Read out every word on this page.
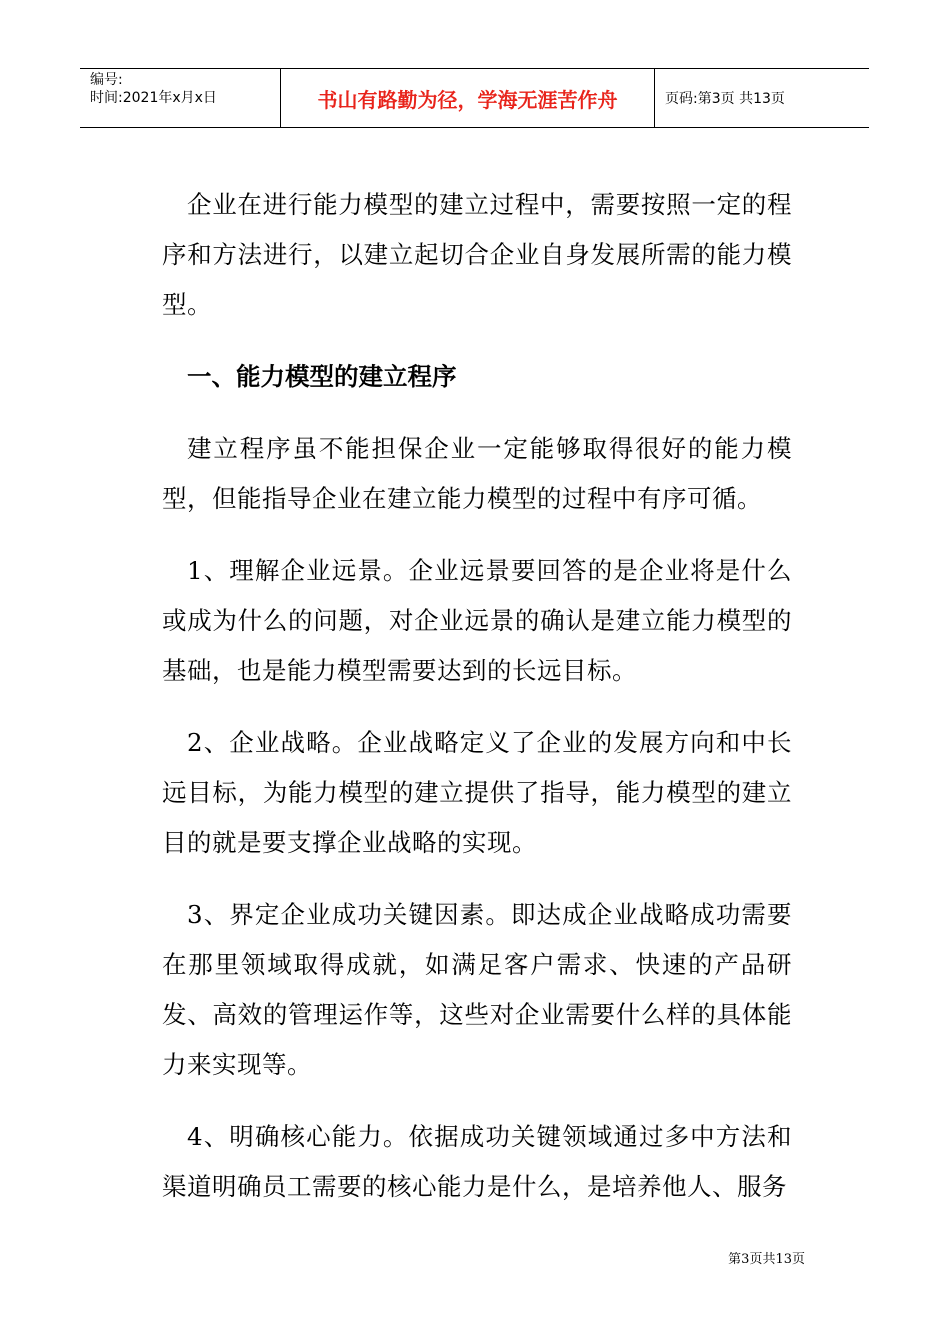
编号:
时间:2021年x月x日	书山有路勤为径，学海无涯苦作舟	页码:第3页 共13页

企业在进行能力模型的建立过程中，需要按照一定的程序和方法进行，以建立起切合企业自身发展所需的能力模型。

一、能力模型的建立程序

建立程序虽不能担保企业一定能够取得很好的能力模型，但能指导企业在建立能力模型的过程中有序可循。

1、理解企业远景。企业远景要回答的是企业将是什么或成为什么的问题，对企业远景的确认是建立能力模型的基础，也是能力模型需要达到的长远目标。

2、企业战略。企业战略定义了企业的发展方向和中长远目标，为能力模型的建立提供了指导，能力模型的建立目的就是要支撑企业战略的实现。

3、界定企业成功关键因素。即达成企业战略成功需要在那里领域取得成就，如满足客户需求、快速的产品研发、高效的管理运作等，这些对企业需要什么样的具体能力来实现等。

4、明确核心能力。依据成功关键领域通过多中方法和渠道明确员工需要的核心能力是什么，是培养他人、服务

第3页共13页
